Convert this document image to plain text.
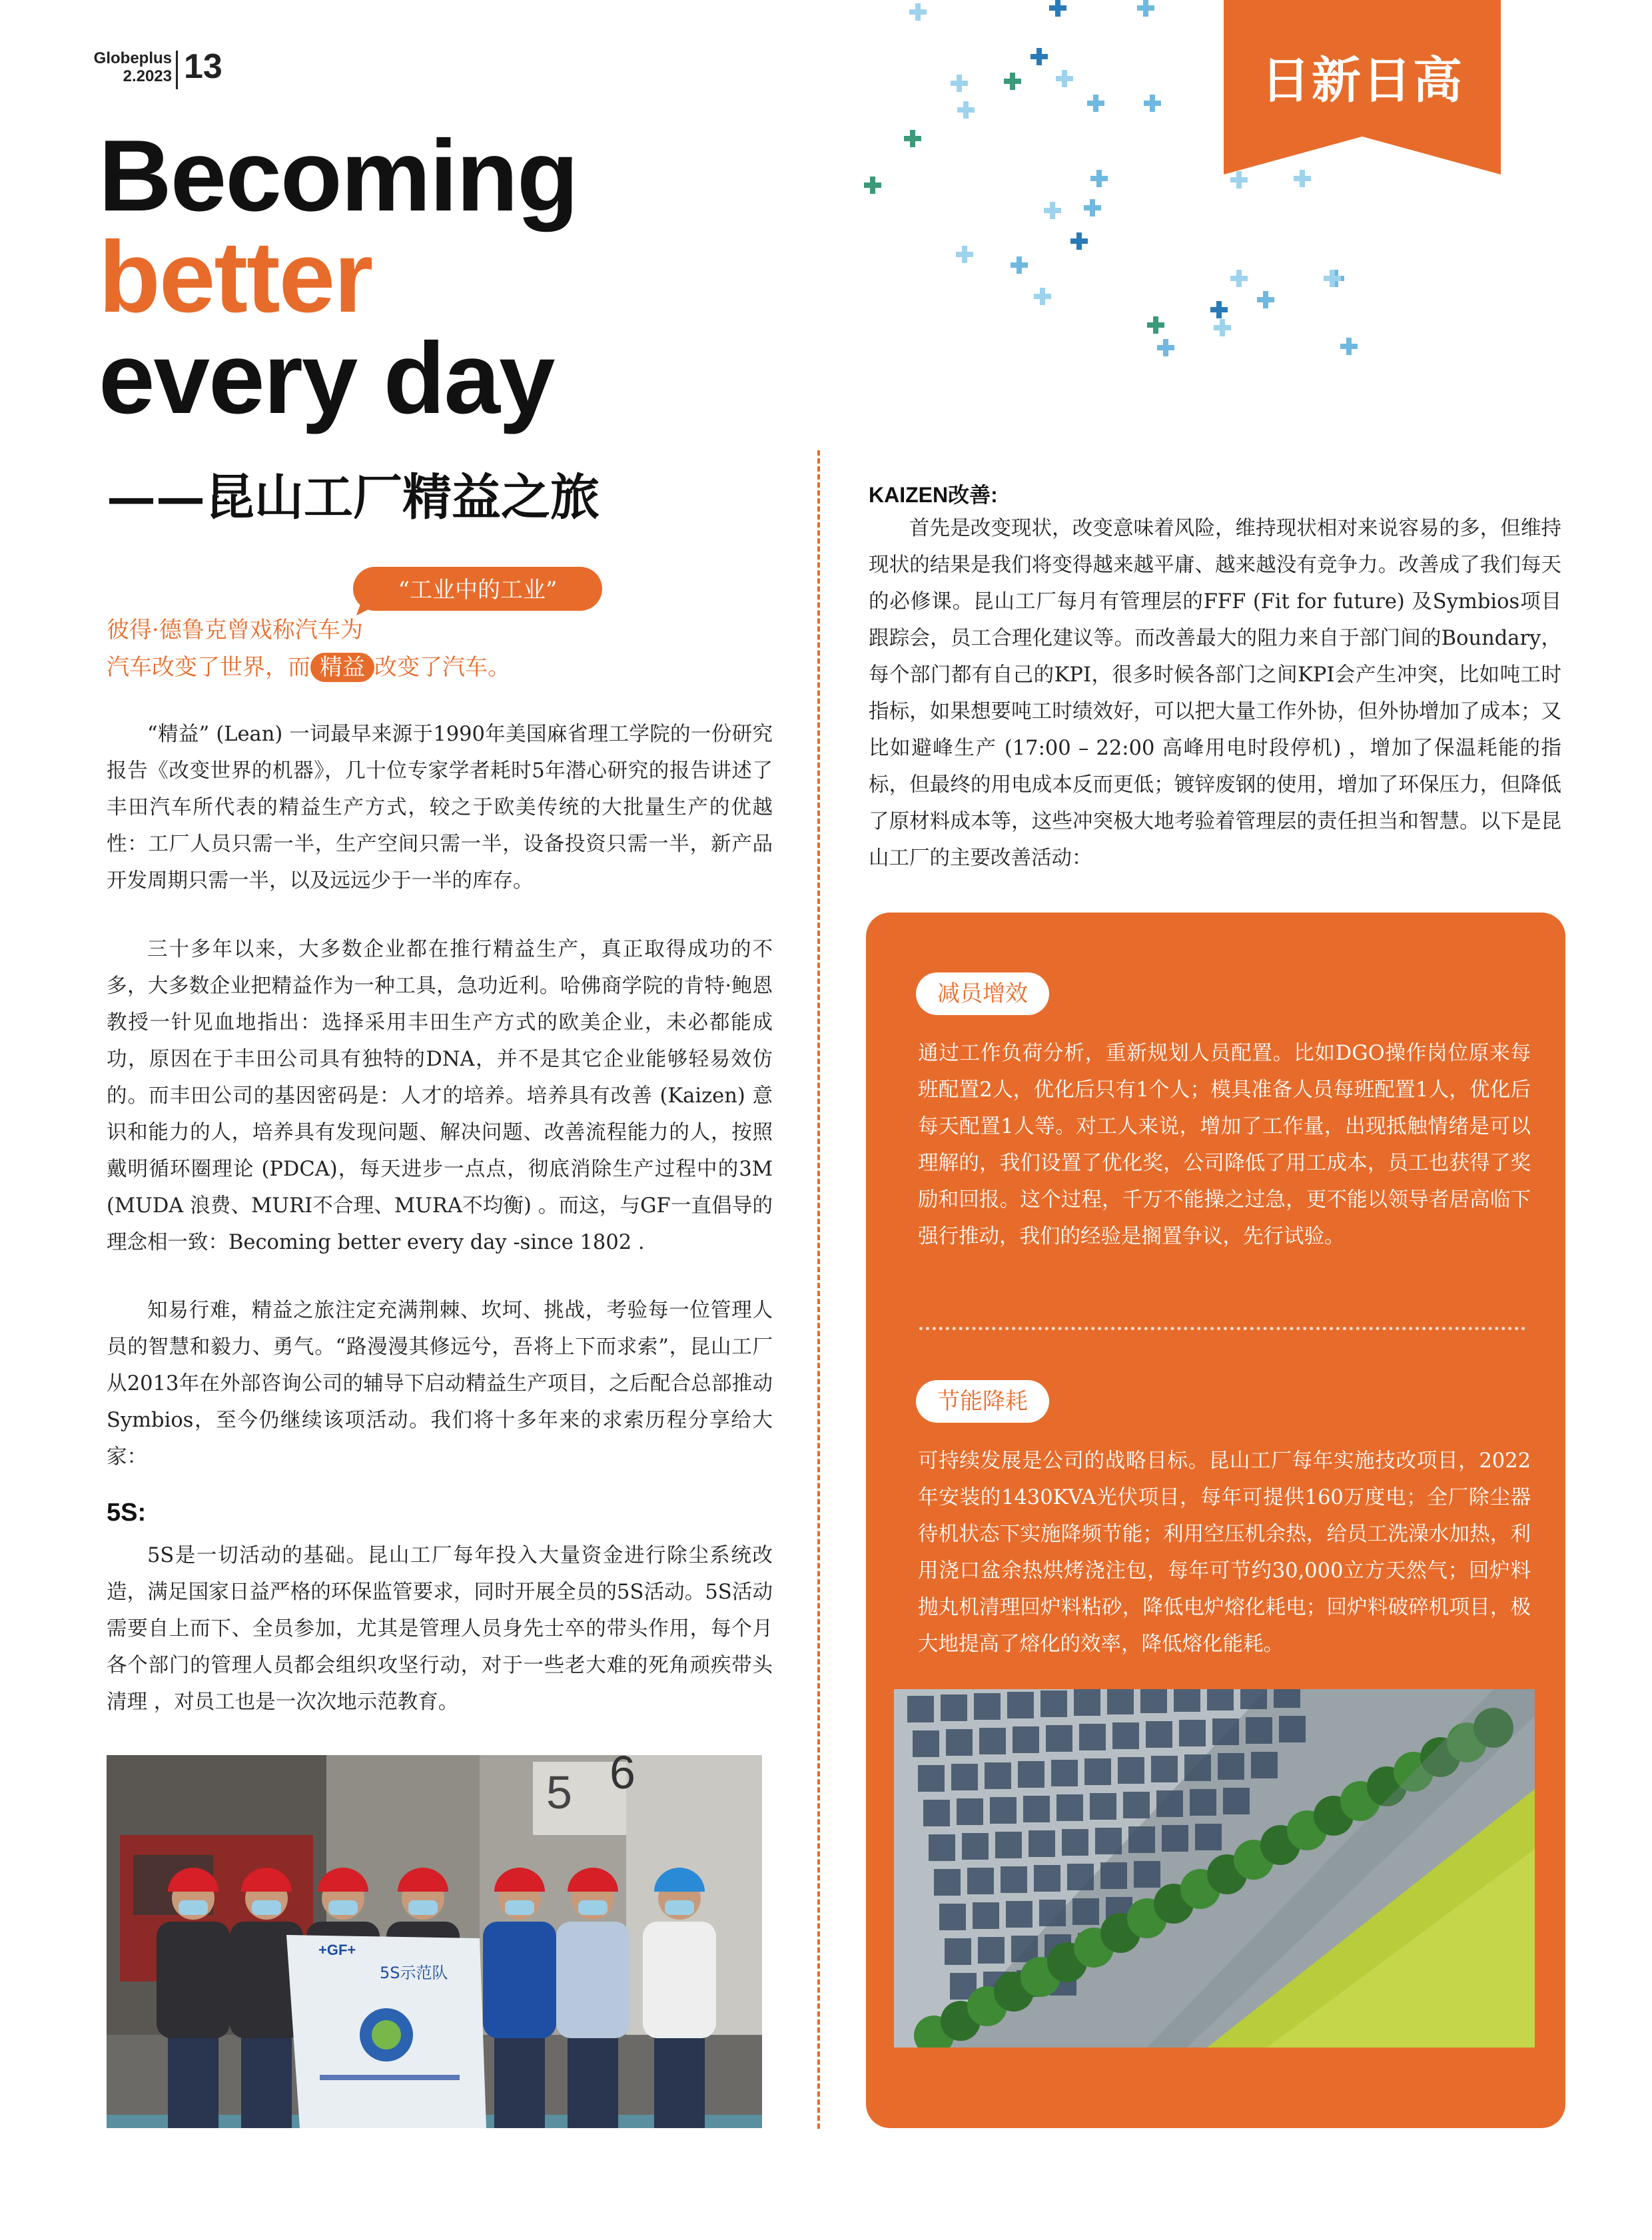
Globeplus
2.2023 13	日新日高
Becoming
better
every day
——昆山工厂精益之旅
“工业中的工业”
彼得·德鲁克曾戏称汽车为
汽车改变了世界，而 精益 改变了汽车。

“精益” (Lean) 一词最早来源于1990年美国麻省理工学院的一份研究报告《改变世界的机器》，几十位专家学者耗时5年潜心研究的报告讲述了丰田汽车所代表的精益生产方式，较之于欧美传统的大批量生产的优越性：工厂人员只需一半，生产空间只需一半，设备投资只需一半，新产品开发周期只需一半，以及远远少于一半的库存。

三十多年以来，大多数企业都在推行精益生产，真正取得成功的不多，大多数企业把精益作为一种工具，急功近利。哈佛商学院的肯特·鲍恩教授一针见血地指出：选择采用丰田生产方式的欧美企业，未必都能成功，原因在于丰田公司具有独特的DNA，并不是其它企业能够轻易效仿的。而丰田公司的基因密码是：人才的培养。培养具有改善 (Kaizen) 意识和能力的人，培养具有发现问题、解决问题、改善流程能力的人，按照戴明循环圈理论 (PDCA)，每天进步一点点，彻底消除生产过程中的3M (MUDA 浪费、MURI不合理、MURA不均衡) 。而这，与GF一直倡导的理念相一致：Becoming better every day -since 1802 .

知易行难，精益之旅注定充满荆棘、坎坷、挑战，考验每一位管理人员的智慧和毅力、勇气。“路漫漫其修远兮，吾将上下而求索”，昆山工厂从2013年在外部咨询公司的辅导下启动精益生产项目，之后配合总部推动Symbios，至今仍继续该项活动。我们将十多年来的求索历程分享给大家：

5S:

5S是一切活动的基础。昆山工厂每年投入大量资金进行除尘系统改造，满足国家日益严格的环保监管要求，同时开展全员的5S活动。5S活动需要自上而下、全员参加，尤其是管理人员身先士卒的带头作用，每个月各个部门的管理人员都会组织攻坚行动，对于一些老大难的死角顽疾带头清理 ，对员工也是一次次地示范教育。

5 6
+GF+
5S示范队
KAIZEN改善:

首先是改变现状，改变意味着风险，维持现状相对来说容易的多，但维持现状的结果是我们将变得越来越平庸、越来越没有竞争力。改善成了我们每天的必修课。昆山工厂每月有管理层的FFF (Fit for future) 及Symbios项目跟踪会，员工合理化建议等。而改善最大的阻力来自于部门间的Boundary，每个部门都有自己的KPI，很多时候各部门之间KPI会产生冲突，比如吨工时指标，如果想要吨工时绩效好，可以把大量工作外协，但外协增加了成本；又比如避峰生产 (17:00 – 22:00 高峰用电时段停机) ，增加了保温耗能的指标，但最终的用电成本反而更低；镀锌废钢的使用，增加了环保压力，但降低了原材料成本等，这些冲突极大地考验着管理层的责任担当和智慧。以下是昆山工厂的主要改善活动：

减员增效
通过工作负荷分析，重新规划人员配置。比如DGO操作岗位原来每班配置2人，优化后只有1个人；模具准备人员每班配置1人，优化后每天配置1人等。对工人来说，增加了工作量，出现抵触情绪是可以理解的，我们设置了优化奖，公司降低了用工成本，员工也获得了奖励和回报。这个过程，千万不能操之过急，更不能以领导者居高临下强行推动，我们的经验是搁置争议，先行试验。
节能降耗
可持续发展是公司的战略目标。昆山工厂每年实施技改项目，2022年安装的1430KVA光伏项目，每年可提供160万度电；全厂除尘器待机状态下实施降频节能；利用空压机余热，给员工洗澡水加热，利用浇口盆余热烘烤浇注包，每年可节约30,000立方天然气；回炉料抛丸机清理回炉料粘砂，降低电炉熔化耗电；回炉料破碎机项目，极大地提高了熔化的效率，降低熔化能耗。
